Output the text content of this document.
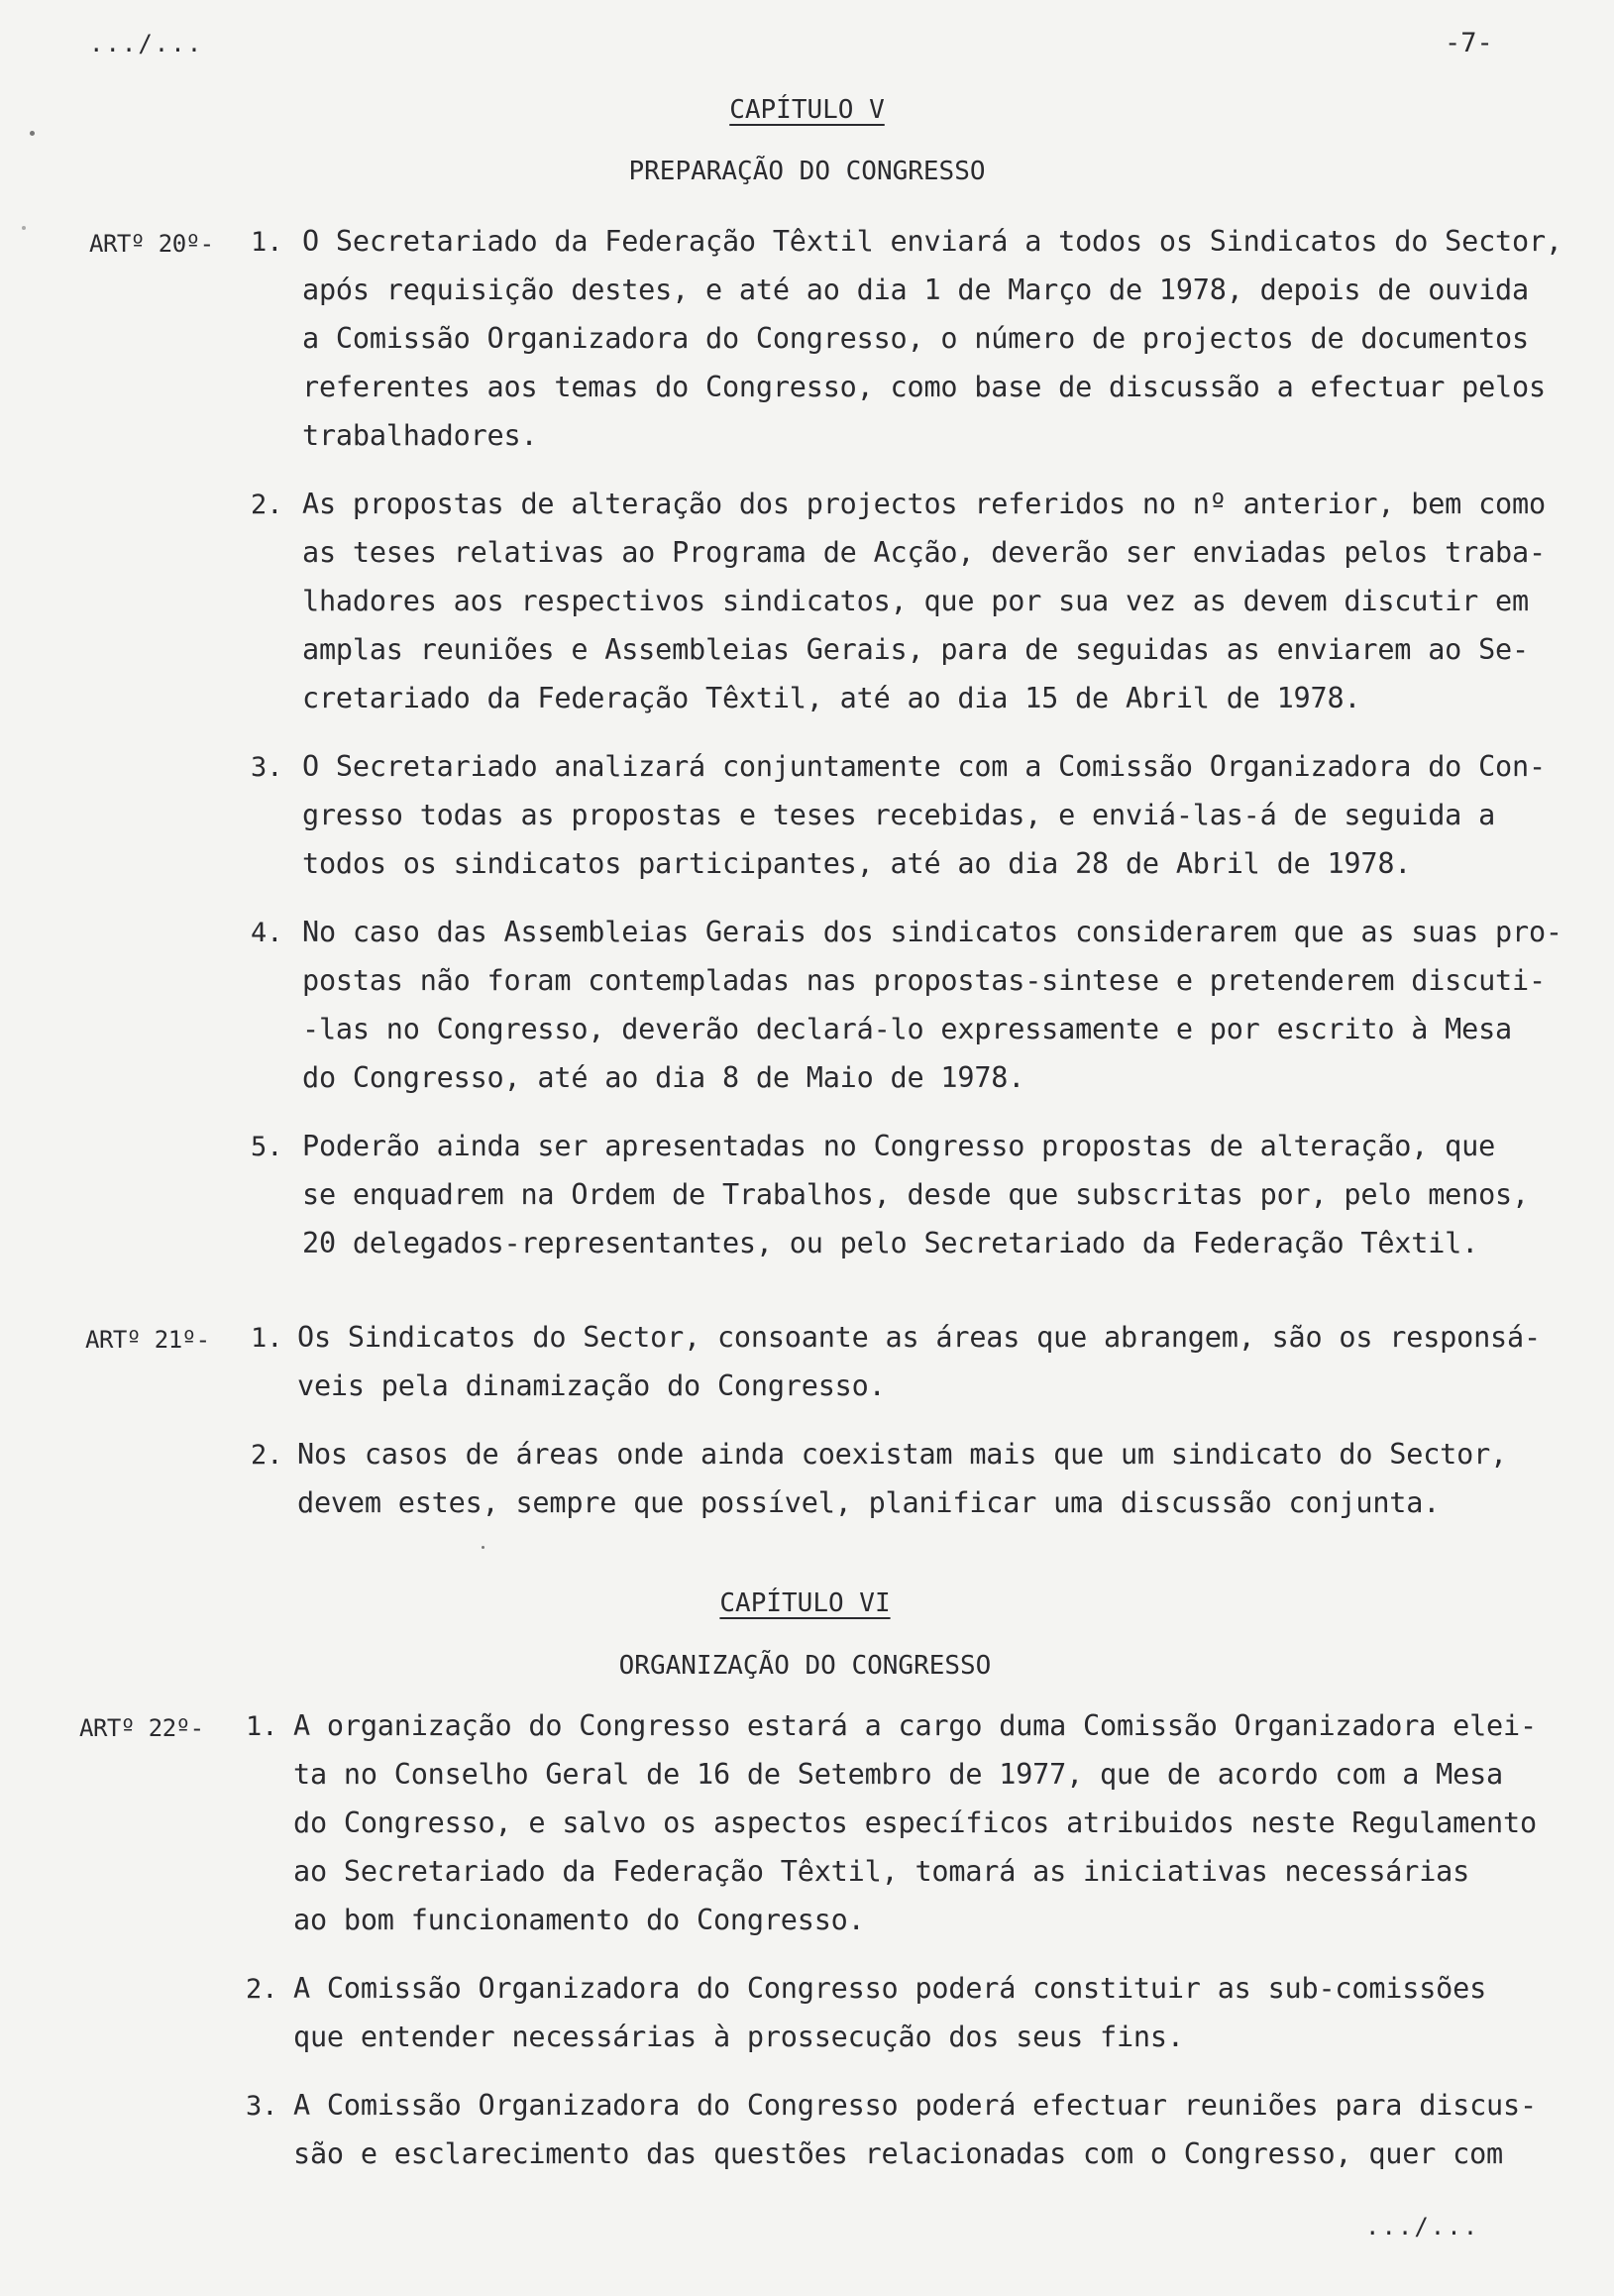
.../...	-7-
CAPÍTULO V
PREPARAÇÃO DO CONGRESSO
ARTº 20º- 1. O Secretariado da Federação Têxtil enviará a todos os Sindicatos do Sector,
após requisição destes, e até ao dia 1 de Março de 1978, depois de ouvida
a Comissão Organizadora do Congresso, o número de projectos de documentos
referentes aos temas do Congresso, como base de discussão a efectuar pelos
trabalhadores.
2. As propostas de alteração dos projectos referidos no nº anterior, bem como
as teses relativas ao Programa de Acção, deverão ser enviadas pelos traba-
lhadores aos respectivos sindicatos, que por sua vez as devem discutir em
amplas reuniões e Assembleias Gerais, para de seguidas as enviarem ao Se-
cretariado da Federação Têxtil, até ao dia 15 de Abril de 1978.
3. O Secretariado analizará conjuntamente com a Comissão Organizadora do Con-
gresso todas as propostas e teses recebidas, e enviá-las-á de seguida a
todos os sindicatos participantes, até ao dia 28 de Abril de 1978.
4. No caso das Assembleias Gerais dos sindicatos considerarem que as suas pro-
postas não foram contempladas nas propostas-sintese e pretenderem discuti-
-las no Congresso, deverão declará-lo expressamente e por escrito à Mesa
do Congresso, até ao dia 8 de Maio de 1978.
5. Poderão ainda ser apresentadas no Congresso propostas de alteração, que
se enquadrem na Ordem de Trabalhos, desde que subscritas por, pelo menos,
20 delegados-representantes, ou pelo Secretariado da Federação Têxtil.
ARTº 21º- 1. Os Sindicatos do Sector, consoante as áreas que abrangem, são os responsá-
veis pela dinamização do Congresso.
2. Nos casos de áreas onde ainda coexistam mais que um sindicato do Sector,
devem estes, sempre que possível, planificar uma discussão conjunta.
CAPÍTULO VI
ORGANIZAÇÃO DO CONGRESSO
ARTº 22º- 1. A organização do Congresso estará a cargo duma Comissão Organizadora elei-
ta no Conselho Geral de 16 de Setembro de 1977, que de acordo com a Mesa
do Congresso, e salvo os aspectos específicos atribuidos neste Regulamento
ao Secretariado da Federação Têxtil, tomará as iniciativas necessárias
ao bom funcionamento do Congresso.
2. A Comissão Organizadora do Congresso poderá constituir as sub-comissões
que entender necessárias à prossecução dos seus fins.
3. A Comissão Organizadora do Congresso poderá efectuar reuniões para discus-
são e esclarecimento das questões relacionadas com o Congresso, quer com
.../...
